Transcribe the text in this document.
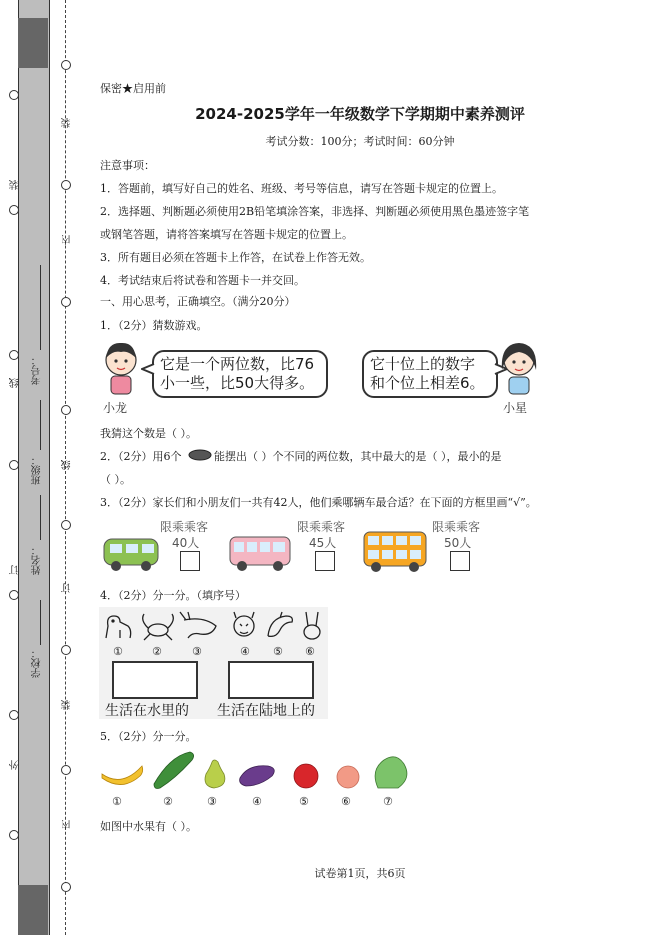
装
内
线
订
装
内
装
线
订
外
考号：
班级：
姓名：
学校：
保密★启用前
2024-2025学年一年级数学下学期期中素养测评
考试分数：100分；考试时间：60分钟
注意事项：
1．答题前，填写好自己的姓名、班级、考号等信息，请写在答题卡规定的位置上。
2．选择题、判断题必须使用2B铅笔填涂答案，非选择、判断题必须使用黑色墨迹签字笔
或钢笔答题，请将答案填写在答题卡规定的位置上。
3．所有题目必须在答题卡上作答，在试卷上作答无效。
4．考试结束后将试卷和答题卡一并交回。
一、用心思考，正确填空。（满分20分）
1．（2分）猜数游戏。
小龙
它是一个两位数，比76
小一些，比50大得多。
它十位上的数字
和个位上相差6。
小星
我猜这个数是（ ）。
2．（2分）用6个	能摆出（ ）个不同的两位数，其中最大的是（ ），最小的是
（ ）。
3．（2分）家长们和小朋友们一共有42人，他们乘哪辆车最合适？在下面的方框里画“√”。
限乘乘客
40人
限乘乘客
45人
限乘乘客
50人
4．（2分）分一分。（填序号）
①	②	③	④ ⑤ ⑥
生活在水里的 生活在陆地上的
5．（2分）分一分。
①	②	③	④	⑤	⑥	⑦
如图中水果有（ ）。
试卷第1页，共6页
